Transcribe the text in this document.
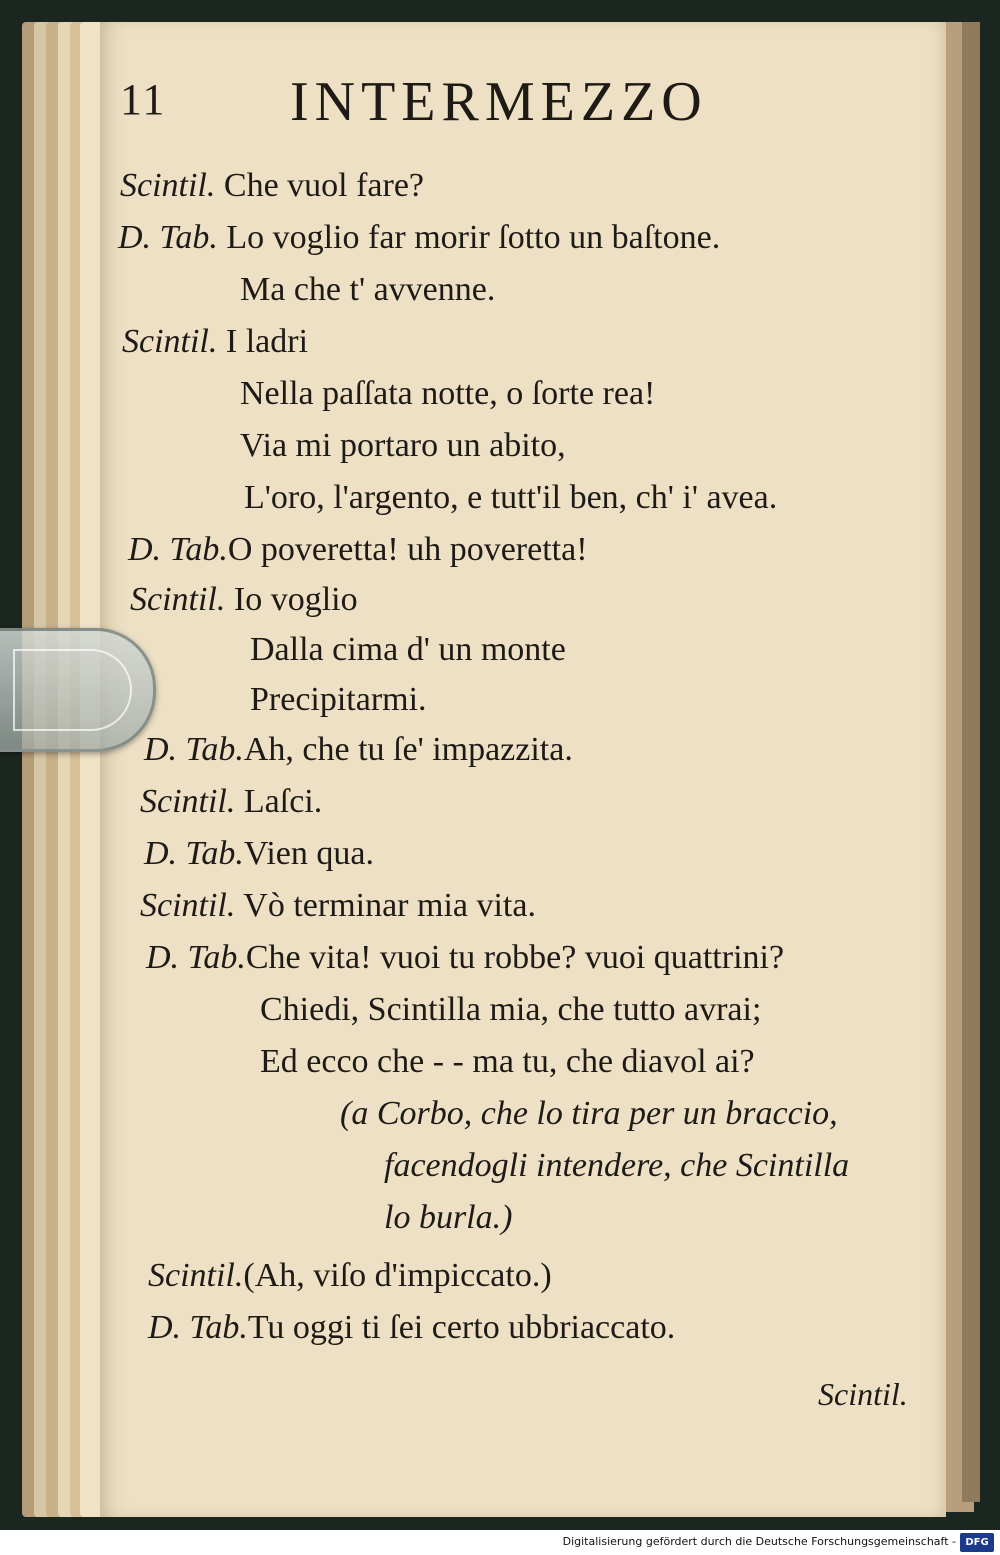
11 INTERMEZZO
Scintil. Che vuol fare?
D. Tab. Lo voglio far morir ſotto un baſtone.
Ma che t' avvenne.
Scintil. I ladri
Nella paſſata notte, o ſorte rea!
Via mi portaro un abito,
L'oro, l'argento, e tutt'il ben, ch' i' avea.
D. Tab.O poveretta! uh poveretta!
Scintil. Io voglio
Dalla cima d' un monte
Precipitarmi.
D. Tab.Ah, che tu ſe' impazzita.
Scintil. Laſci.
D. Tab.Vien qua.
Scintil. Vò terminar mia vita.
D. Tab.Che vita! vuoi tu robbe? vuoi quattrini?
Chiedi, Scintilla mia, che tutto avrai;
Ed ecco che - - ma tu, che diavol ai?
(a Corbo, che lo tira per un braccio,
facendogli intendere, che Scintilla
lo burla.)
Scintil.(Ah, viſo d'impiccato.)
D. Tab.Tu oggi ti ſei certo ubbriaccato.
Scintil.
Digitalisierung gefördert durch die Deutsche Forschungsgemeinschaft - DFG
